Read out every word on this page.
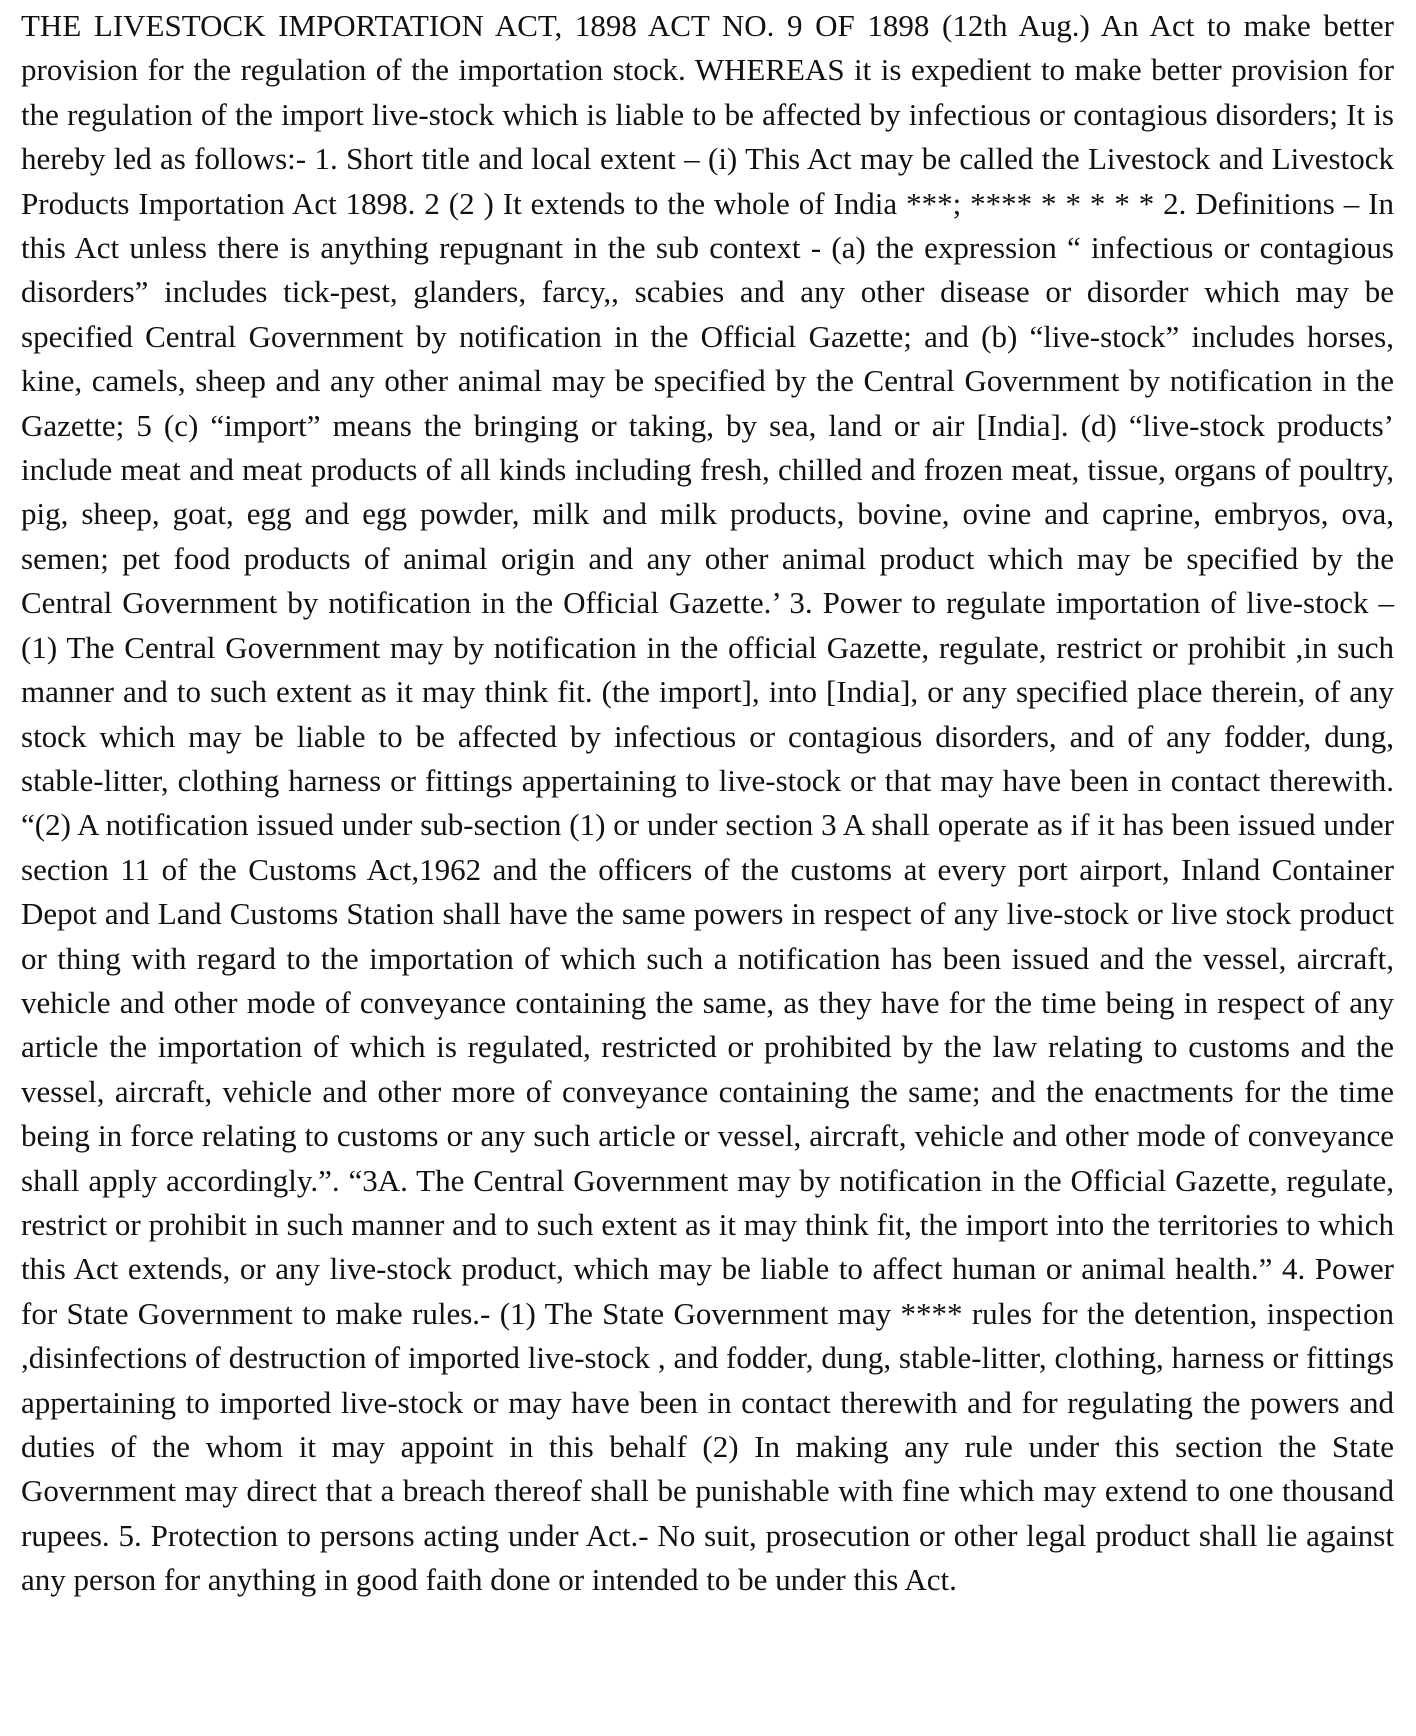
THE LIVESTOCK IMPORTATION ACT, 1898 ACT NO. 9 OF 1898 (12th Aug.) An Act to make better provision for the regulation of the importation stock. WHEREAS it is expedient to make better provision for the regulation of the import live-stock which is liable to be affected by infectious or contagious disorders; It is hereby led as follows:- 1. Short title and local extent – (i) This Act may be called the Livestock and Livestock Products Importation Act 1898. 2 (2 ) It extends to the whole of India ***; **** * * * * * 2. Definitions – In this Act unless there is anything repugnant in the sub context - (a) the expression “ infectious or contagious disorders” includes tick-pest, glanders, farcy,, scabies and any other disease or disorder which may be specified Central Government by notification in the Official Gazette; and (b) “live-stock” includes horses, kine, camels, sheep and any other animal may be specified by the Central Government by notification in the Gazette; 5 (c) “import” means the bringing or taking, by sea, land or air [India]. (d) “live-stock products’ include meat and meat products of all kinds including fresh, chilled and frozen meat, tissue, organs of poultry, pig, sheep, goat, egg and egg powder, milk and milk products, bovine, ovine and caprine, embryos, ova, semen; pet food products of animal origin and any other animal product which may be specified by the Central Government by notification in the Official Gazette.’ 3. Power to regulate importation of live-stock – (1) The Central Government may by notification in the official Gazette, regulate, restrict or prohibit ,in such manner and to such extent as it may think fit. (the import], into [India], or any specified place therein, of any stock which may be liable to be affected by infectious or contagious disorders, and of any fodder, dung, stable-litter, clothing harness or fittings appertaining to live-stock or that may have been in contact therewith. “(2) A notification issued under sub-section (1) or under section 3 A shall operate as if it has been issued under section 11 of the Customs Act,1962 and the officers of the customs at every port airport, Inland Container Depot and Land Customs Station shall have the same powers in respect of any live-stock or live stock product or thing with regard to the importation of which such a notification has been issued and the vessel, aircraft, vehicle and other mode of conveyance containing the same, as they have for the time being in respect of any article the importation of which is regulated, restricted or prohibited by the law relating to customs and the vessel, aircraft, vehicle and other more of conveyance containing the same; and the enactments for the time being in force relating to customs or any such article or vessel, aircraft, vehicle and other mode of conveyance shall apply accordingly.”. “3A. The Central Government may by notification in the Official Gazette, regulate, restrict or prohibit in such manner and to such extent as it may think fit, the import into the territories to which this Act extends, or any live-stock product, which may be liable to affect human or animal health.” 4. Power for State Government to make rules.- (1) The State Government may **** rules for the detention, inspection ,disinfections of destruction of imported live-stock , and fodder, dung, stable-litter, clothing, harness or fittings appertaining to imported live-stock or may have been in contact therewith and for regulating the powers and duties of the whom it may appoint in this behalf (2) In making any rule under this section the State Government may direct that a breach thereof shall be punishable with fine which may extend to one thousand rupees. 5. Protection to persons acting under Act.- No suit, prosecution or other legal product shall lie against any person for anything in good faith done or intended to be under this Act.
